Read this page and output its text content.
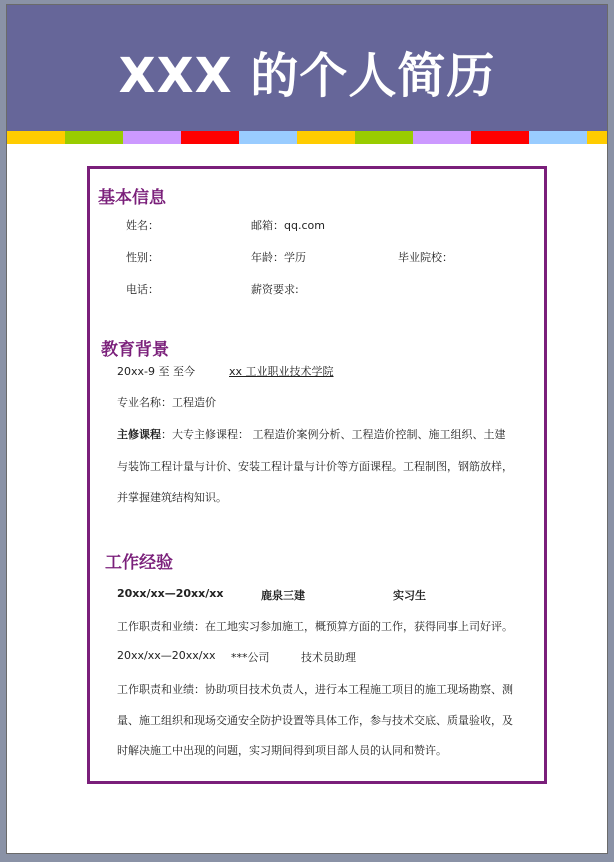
XXX 的个人简历
基本信息
姓名：	邮箱：qq.com
性别：	年龄：学历	毕业院校：
电话：	薪资要求:
教育背景
20xx-9 至 至今	xx 工业职业技术学院
专业名称：工程造价
主修课程：大专主修课程： 工程造价案例分析、工程造价控制、施工组织、土建
与装饰工程计量与计价、安装工程计量与计价等方面课程。工程制图，钢筋放样，
并掌握建筑结构知识。
工作经验
20xx/xx—20xx/xx	鹿泉三建	实习生
工作职责和业绩：在工地实习参加施工，概预算方面的工作，获得同事上司好评。
20xx/xx—20xx/xx ***公司	技术员助理
工作职责和业绩：协助项目技术负责人，进行本工程施工项目的施工现场勘察、测
量、施工组织和现场交通安全防护设置等具体工作，参与技术交底、质量验收，及
时解决施工中出现的问题，实习期间得到项目部人员的认同和赞许。
